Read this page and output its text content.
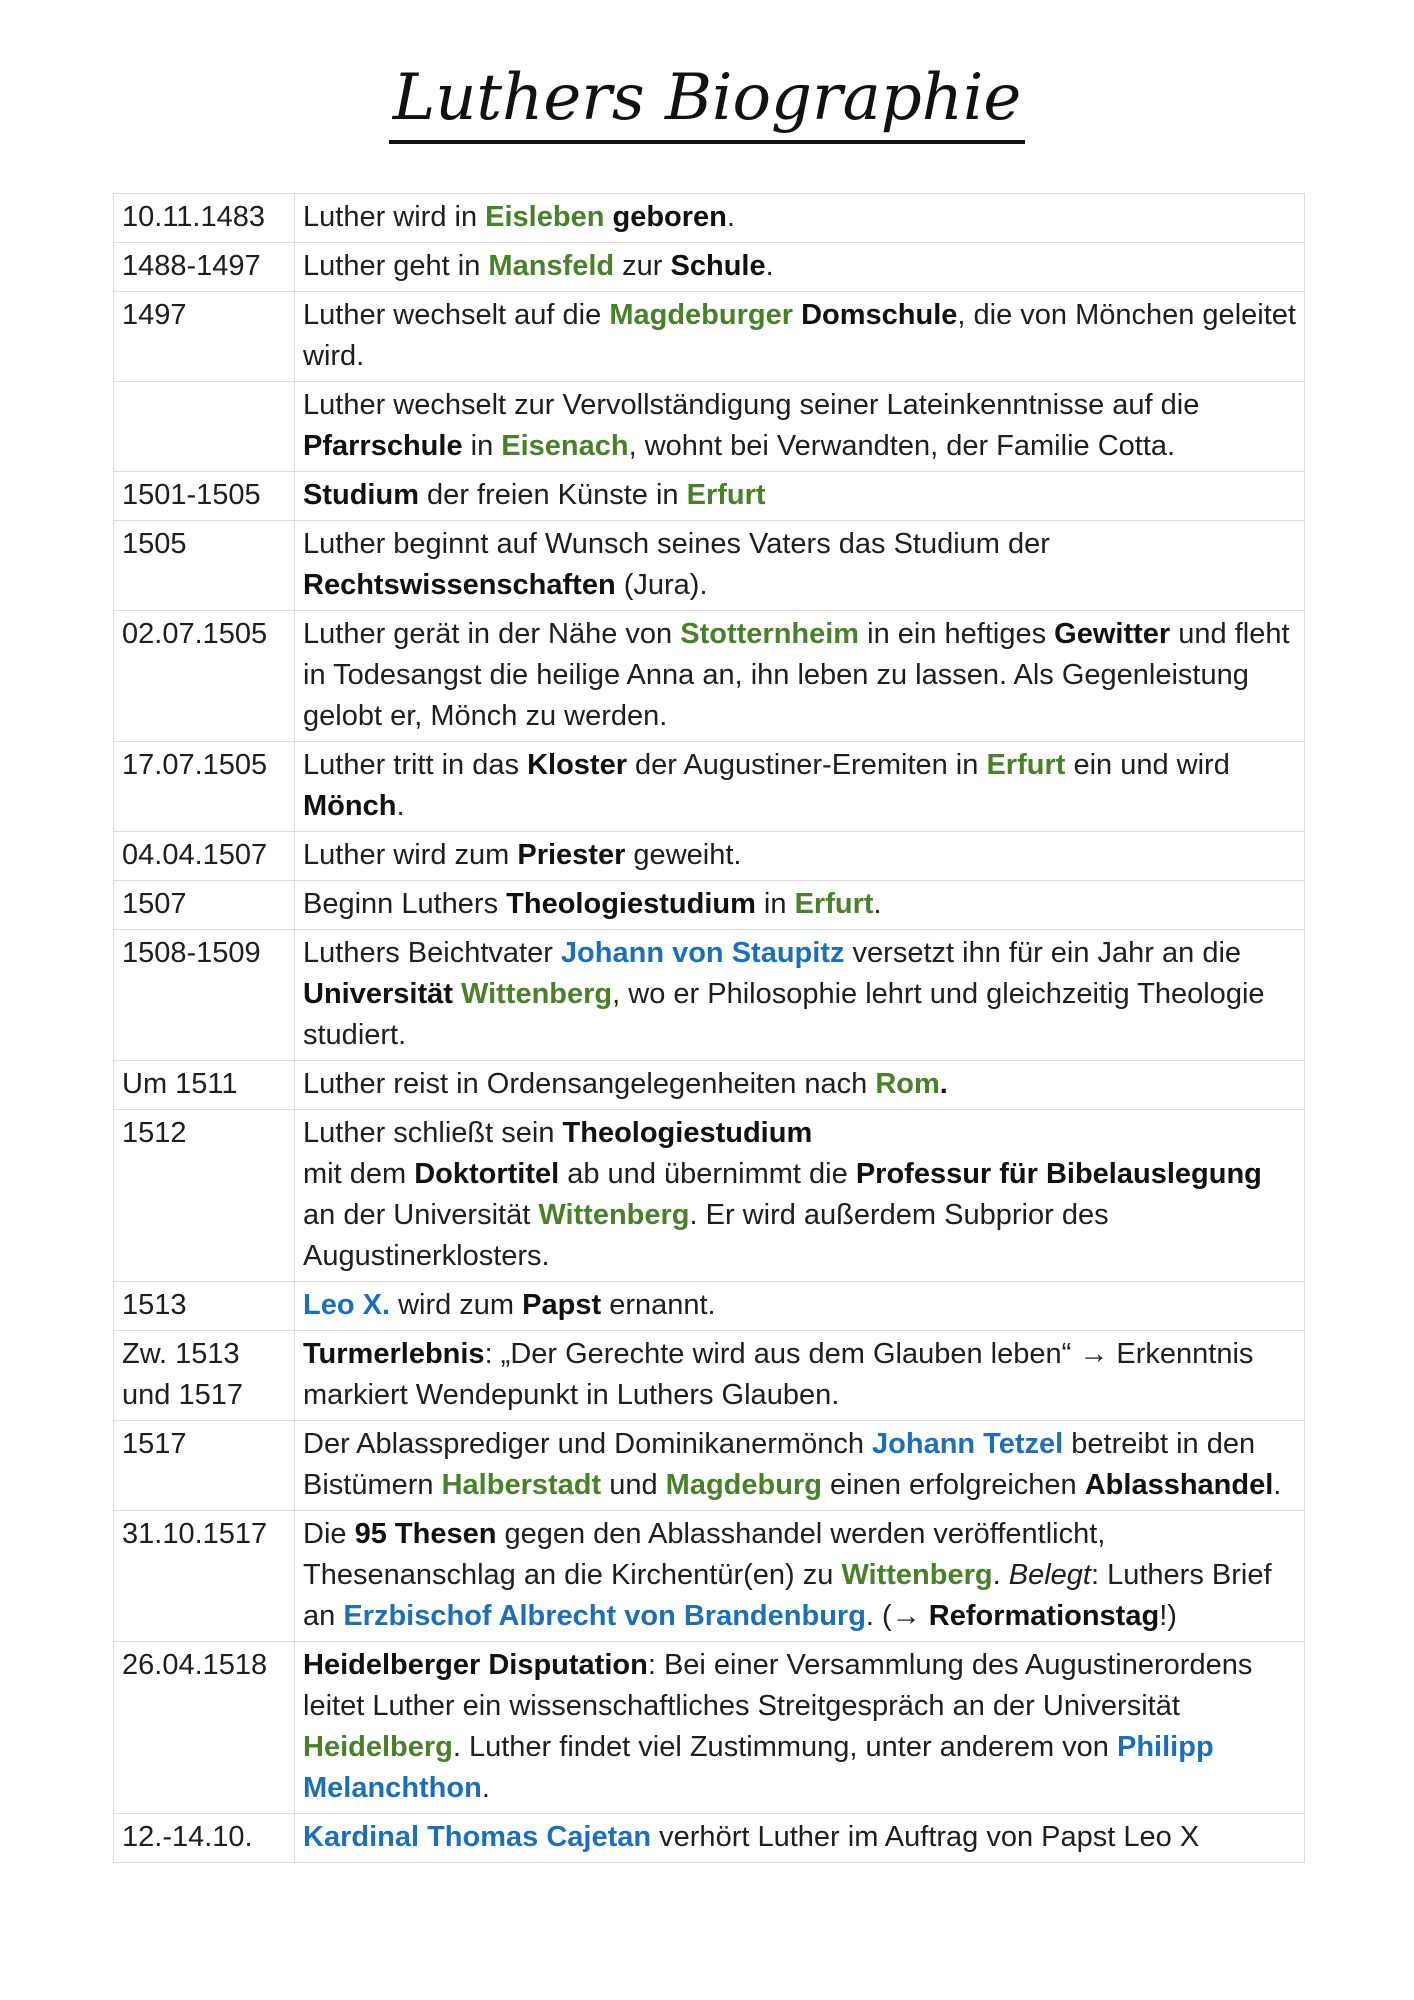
Luthers Biographie
10.11.1483	Luther wird in Eisleben geboren.
1488-1497	Luther geht in Mansfeld zur Schule.
1497	Luther wechselt auf die Magdeburger Domschule, die von Mönchen geleitet wird.
	Luther wechselt zur Vervollständigung seiner Lateinkenntnisse auf die Pfarrschule in Eisenach, wohnt bei Verwandten, der Familie Cotta.
1501-1505	Studium der freien Künste in Erfurt
1505	Luther beginnt auf Wunsch seines Vaters das Studium der Rechtswissenschaften (Jura).
02.07.1505	Luther gerät in der Nähe von Stotternheim in ein heftiges Gewitter und fleht in Todesangst die heilige Anna an, ihn leben zu lassen. Als Gegenleistung gelobt er, Mönch zu werden.
17.07.1505	Luther tritt in das Kloster der Augustiner-Eremiten in Erfurt ein und wird Mönch.
04.04.1507	Luther wird zum Priester geweiht.
1507	Beginn Luthers Theologiestudium in Erfurt.
1508-1509	Luthers Beichtvater Johann von Staupitz versetzt ihn für ein Jahr an die Universität Wittenberg, wo er Philosophie lehrt und gleichzeitig Theologie studiert.
Um 1511	Luther reist in Ordensangelegenheiten nach Rom.
1512	Luther schließt sein Theologiestudium
mit dem Doktortitel ab und übernimmt die Professur für Bibelauslegung an der Universität Wittenberg. Er wird außerdem Subprior des Augustinerklosters.
1513	Leo X. wird zum Papst ernannt.
Zw. 1513 und 1517	Turmerlebnis: „Der Gerechte wird aus dem Glauben leben“ → Erkenntnis markiert Wendepunkt in Luthers Glauben.
1517	Der Ablassprediger und Dominikanermönch Johann Tetzel betreibt in den Bistümern Halberstadt und Magdeburg einen erfolgreichen Ablasshandel.
31.10.1517	Die 95 Thesen gegen den Ablasshandel werden veröffentlicht, Thesenanschlag an die Kirchentür(en) zu Wittenberg. Belegt: Luthers Brief an Erzbischof Albrecht von Brandenburg. (→ Reformationstag!)
26.04.1518	Heidelberger Disputation: Bei einer Versammlung des Augustinerordens leitet Luther ein wissenschaftliches Streitgespräch an der Universität Heidelberg. Luther findet viel Zustimmung, unter anderem von Philipp Melanchthon.
12.-14.10.	Kardinal Thomas Cajetan verhört Luther im Auftrag von Papst Leo X
